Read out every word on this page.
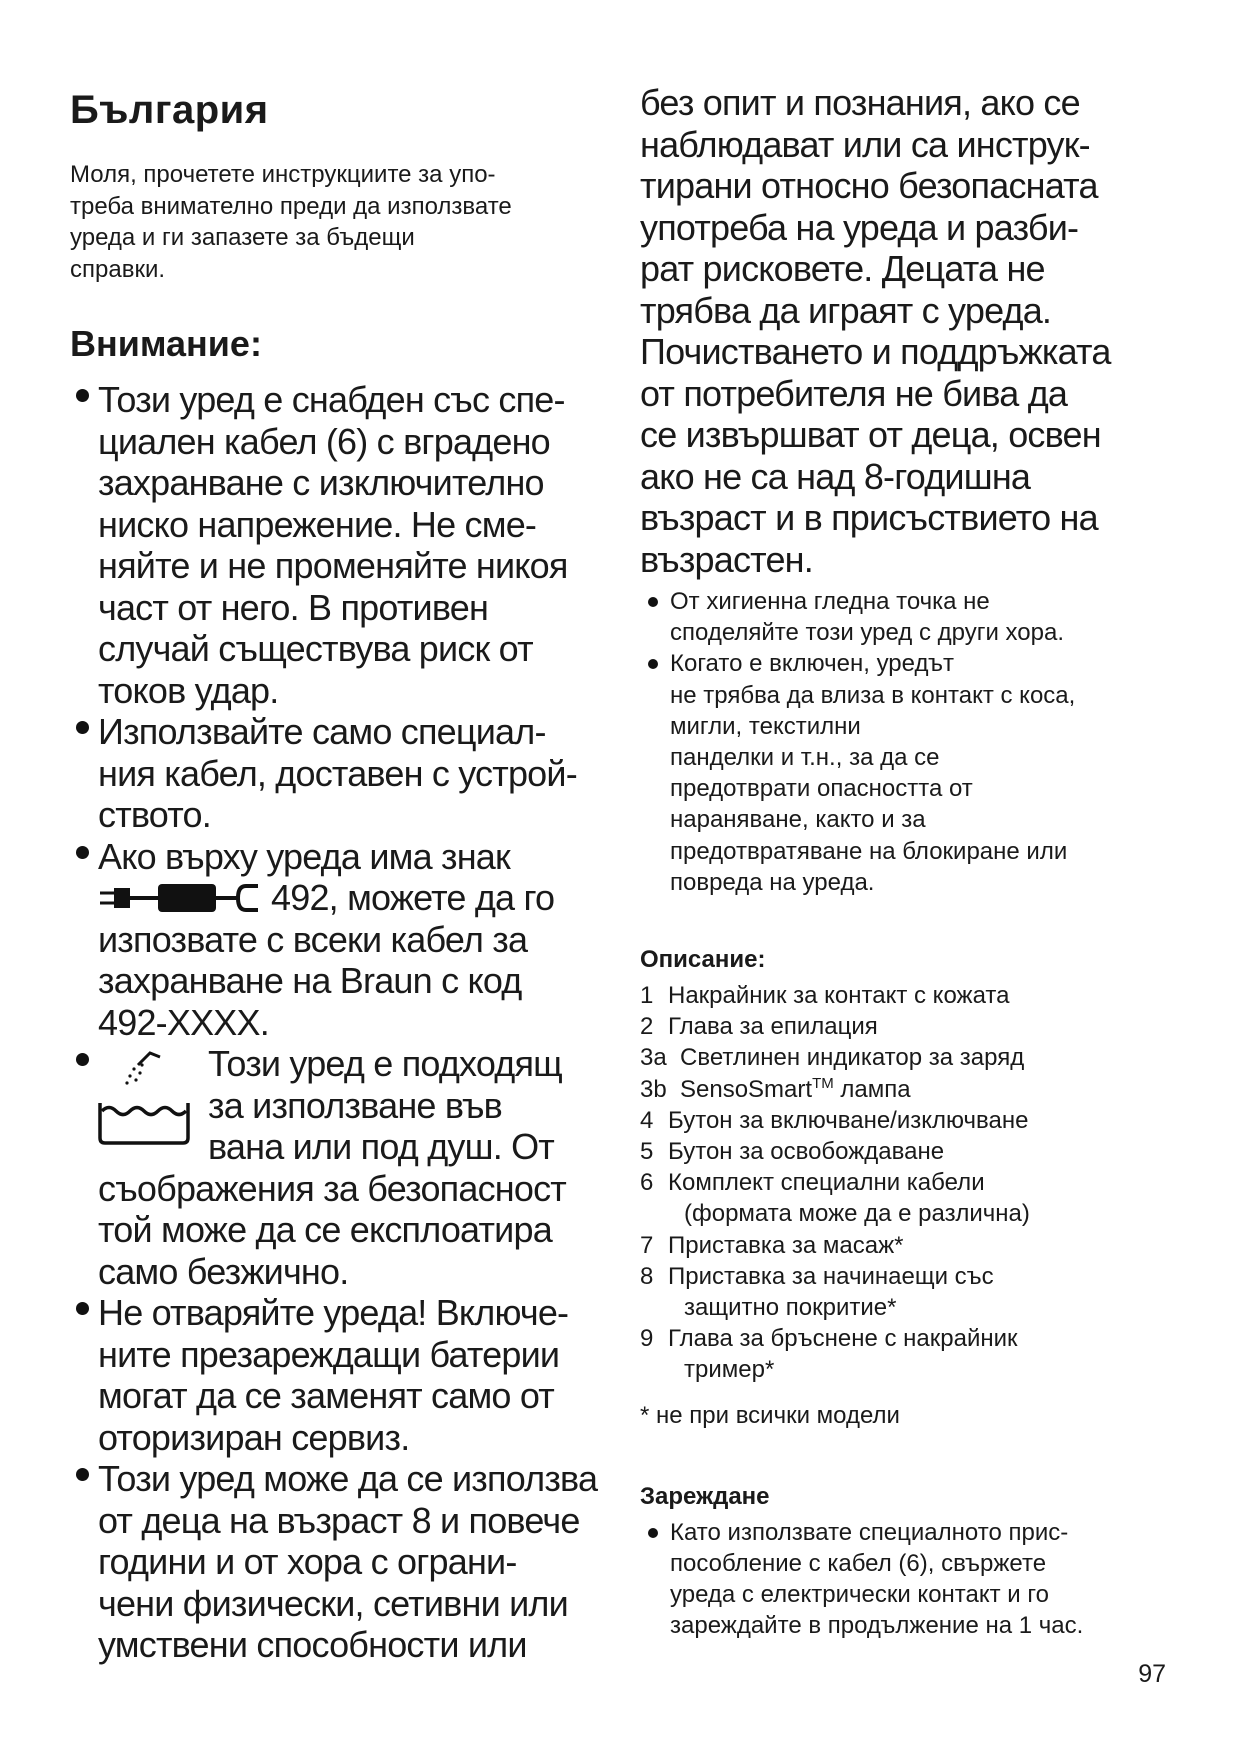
България

Моля, прочетете инструкциите за упо-
треба внимателно преди да използвате
уреда и ги запазете за бъдещи
справки.

Внимание:

Този уред е снабден със спе-
циален кабел (6) с вградено
захранване с изключително
ниско напрежение. Не сме-
няйте и не променяйте никоя
част от него. В противен
случай съществува риск от
токов удар.

Използвайте само специал-
ния кабел, доставен с устрой-
ството.

Ако върху уреда има знак

492, можете да го

изпозвате с всеки кабел за
захранване на Braun с код
492-XXXX.

Този уред е подходящ
за използване във
вана или под душ. От

съображения за безопасност
той може да се експлоатира
само безжично.

Не отваряйте уреда! Включе-
ните презареждащи батерии
могат да се заменят само от
оторизиран сервиз.

Този уред може да се използва
от деца на възраст 8 и повече
години и от хора с ограни-
чени физически, сетивни или
умствени способности или

без опит и познания, ако се
наблюдават или са инструк-
тирани относно безопасната
употреба на уреда и разби-
рат рисковете. Децата не
трябва да играят с уреда.
Почистването и поддръжката
от потребителя не бива да
се извършват от деца, освен
ако не са над 8-годишна
възраст и в присъствието на
възрастен.

От хигиенна гледна точка не
споделяйте този уред с други хора.

Когато е включен, уредът
не трябва да влиза в контакт с коса,
мигли, текстилни
панделки и т.н., за да се
предотврати опасността от
нараняване, както и за
предотвратяване на блокиране или
повреда на уреда.

Описание:
1 Накрайник за контакт с кожата
2 Глава за епилация
3a Светлинен индикатор за заряд
3b SensoSmart™ лампа
4 Бутон за включване/изключване
5 Бутон за освобождаване
6 Комплект специални кабели
(формата може да е различна)
7 Приставка за масаж*
8 Приставка за начинаещи със
защитно покритие*
9 Глава за бръснене с накрайник
тример*

* не при всички модели

Зареждане

Като използвате специалното прис-
пособление с кабел (6), свържете
уреда с електрически контакт и го
зареждайте в продължение на 1 час.

97
